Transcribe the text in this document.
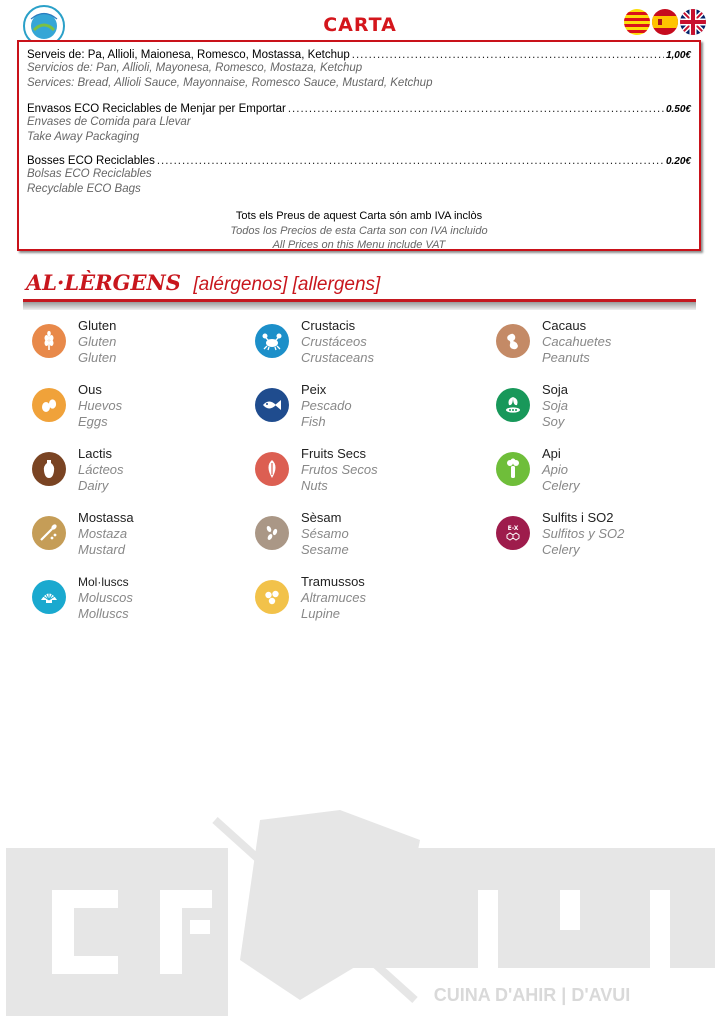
CARTA
Serveis de: Pa, Allioli, Maionesa, Romesco, Mostassa, Ketchup .....	1,00€
Servicios de: Pan, Allioli, Mayonesa, Romesco, Mostaza, Ketchup
Services: Bread, Allioli Sauce, Mayonnaise, Romesco Sauce, Mustard, Ketchup
Envasos ECO Reciclables de Menjar per Emportar .....	0.50€
Envases de Comida para Llevar
Take Away Packaging
Bosses ECO Reciclables .....	0.20€
Bolsas ECO Reciclables
Recyclable ECO Bags
Tots els Preus de aquest Carta són amb IVA inclòs
Todos los Precios de esta Carta son con IVA incluido
All Prices on this Menu include VAT
AL·LÈRGENS [alérgenos] [allergens]
Gluten
Gluten
Gluten
Crustacis
Crustáceos
Crustaceans
Cacaus
Cacahuetes
Peanuts
Ous
Huevos
Eggs
Peix
Pescado
Fish
Soja
Soja
Soy
Lactis
Lácteos
Dairy
Fruits Secs
Frutos Secos
Nuts
Api
Apio
Celery
Mostassa
Mostaza
Mustard
Sèsam
Sésamo
Sesame
E-X
Sulfits i SO2
Sulfitos y SO2
Celery
Mol·luscs
Moluscos
Molluscs
Tramussos
Altramuces
Lupine
CUINA D'AHIR | D'AVUI
